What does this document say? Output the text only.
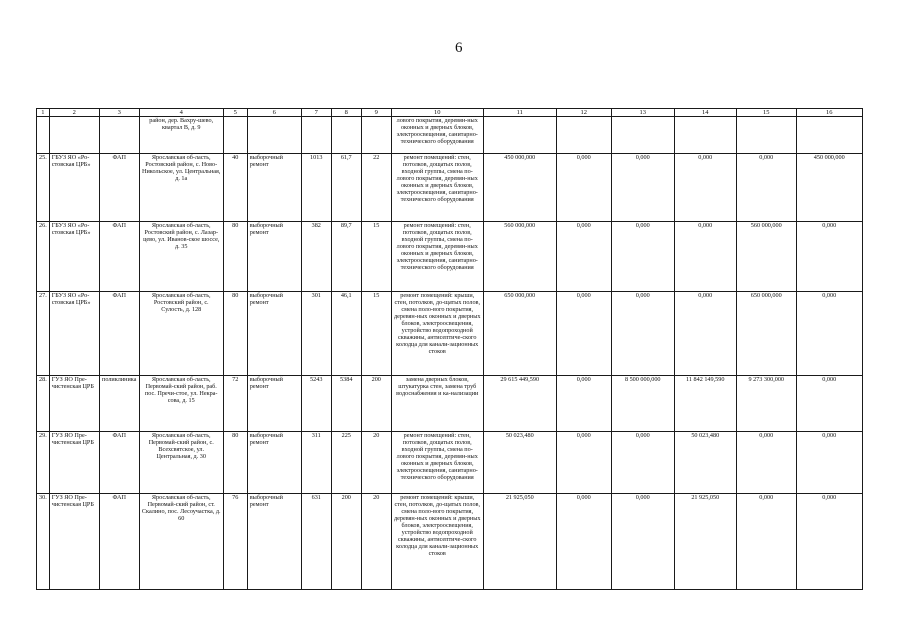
6
1	2	3	4	5	6	7	8	9	10	11	12	13	14	15	16
			район, дер. Вахру-шево, квартал В, д. 9						лового покрытия, деревян-ных оконных и дверных блоков, электроосвещения, санитарно-технического оборудования						
25.	ГБУЗ ЯО «Ро-стовская ЦРБ»	ФАП	Ярославская об-ласть, Ростовский район, с. Ново-Никольское, ул. Центральная, д. 1а	40	выборочный ремонт	1013	61,7	22	ремонт помещений: стен, потолков, дощатых полов, входной группы, смена по-лового покрытия, деревян-ных оконных и дверных блоков, электроосвещения, санитарно-технического оборудования	450 000,000	0,000	0,000	0,000	0,000	450 000,000
26.	ГБУЗ ЯО «Ро-стовская ЦРБ»	ФАП	Ярославская об-ласть, Ростовский район, с. Лазар-цево, ул. Иванов-ское шоссе, д. 35	80	выборочный ремонт	382	89,7	15	ремонт помещений: стен, потолков, дощатых полов, входной группы, смена по-лового покрытия, деревян-ных оконных и дверных блоков, электроосвещения, санитарно-технического оборудования	560 000,000	0,000	0,000	0,000	560 000,000	0,000
27.	ГБУЗ ЯО «Ро-стовская ЦРБ»	ФАП	Ярославская об-ласть, Ростовский район, с. Сулость, д. 128	80	выборочный ремонт	301	46,1	15	ремонт помещений: крыши, стен, потолков, до-щатых полов, смена поло-вого покрытия, деревян-ных оконных и дверных блоков, электроосвещения, устройство водопроходной скважины, антисептиче-ского колодца для канали-зационных стоков	650 000,000	0,000	0,000	0,000	650 000,000	0,000
28.	ГУЗ ЯО Пре-чистенская ЦРБ	поликлиника	Ярославская об-ласть, Первомай-ский район, раб. пос. Пречи-стое, ул. Некра-сова, д. 15	72	выборочный ремонт	5243	5384	200	замена дверных блоков, штукатурка стен, замена труб водоснабжения и ка-нализации	29 615 449,590	0,000	8 500 000,000	11 842 149,590	9 273 300,000	0,000
29.	ГУЗ ЯО Пре-чистенская ЦРБ	ФАП	Ярославская об-ласть, Первомай-ский район, с. Всехсвятское, ул. Центральная, д. 30	80	выборочный ремонт	311	225	20	ремонт помещений: стен, потолков, дощатых полов, входной группы, смена по-лового покрытия, деревян-ных оконных и дверных блоков, электроосвещения, санитарно-технического оборудования	50 023,480	0,000	0,000	50 023,480	0,000	0,000
30.	ГУЗ ЯО Пре-чистенская ЦРБ	ФАП	Ярославская об-ласть, Первомай-ский район, ст. Скалино, пос. Лесоучастка, д. 60	76	выборочный ремонт	631	200	20	ремонт помещений: крыши, стен, потолков, до-щатых полов, смена поло-вого покрытия, деревян-ных оконных и дверных блоков, электроосвещения, устройство водопроходной скважины, антисептиче-ского колодца для канали-зационных стоков	21 925,050	0,000	0,000	21 925,050	0,000	0,000
